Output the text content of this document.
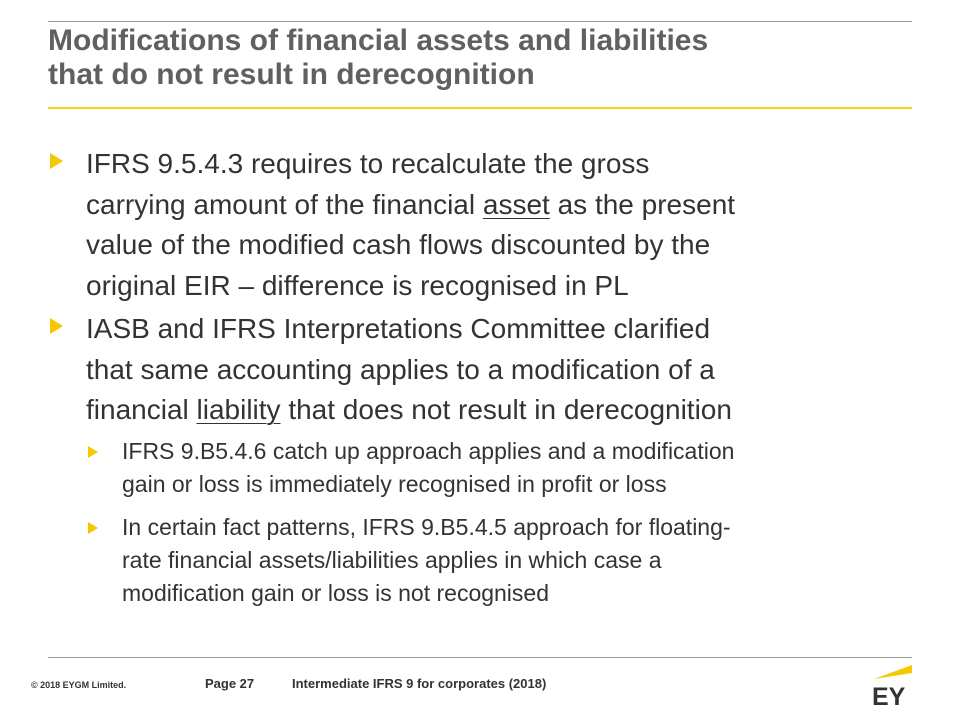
Modifications of financial assets and liabilities
that do not result in derecognition
IFRS 9.5.4.3 requires to recalculate the gross
carrying amount of the financial asset as the present
value of the modified cash flows discounted by the
original EIR – difference is recognised in PL
IASB and IFRS Interpretations Committee clarified
that same accounting applies to a modification of a
financial liability that does not result in derecognition
IFRS 9.B5.4.6 catch up approach applies and a modification
gain or loss is immediately recognised in profit or loss
In certain fact patterns, IFRS 9.B5.4.5 approach for floating-
rate financial assets/liabilities applies in which case a
modification gain or loss is not recognised
© 2018 EYGM Limited.	Page 27	Intermediate IFRS 9 for corporates (2018)	EY
